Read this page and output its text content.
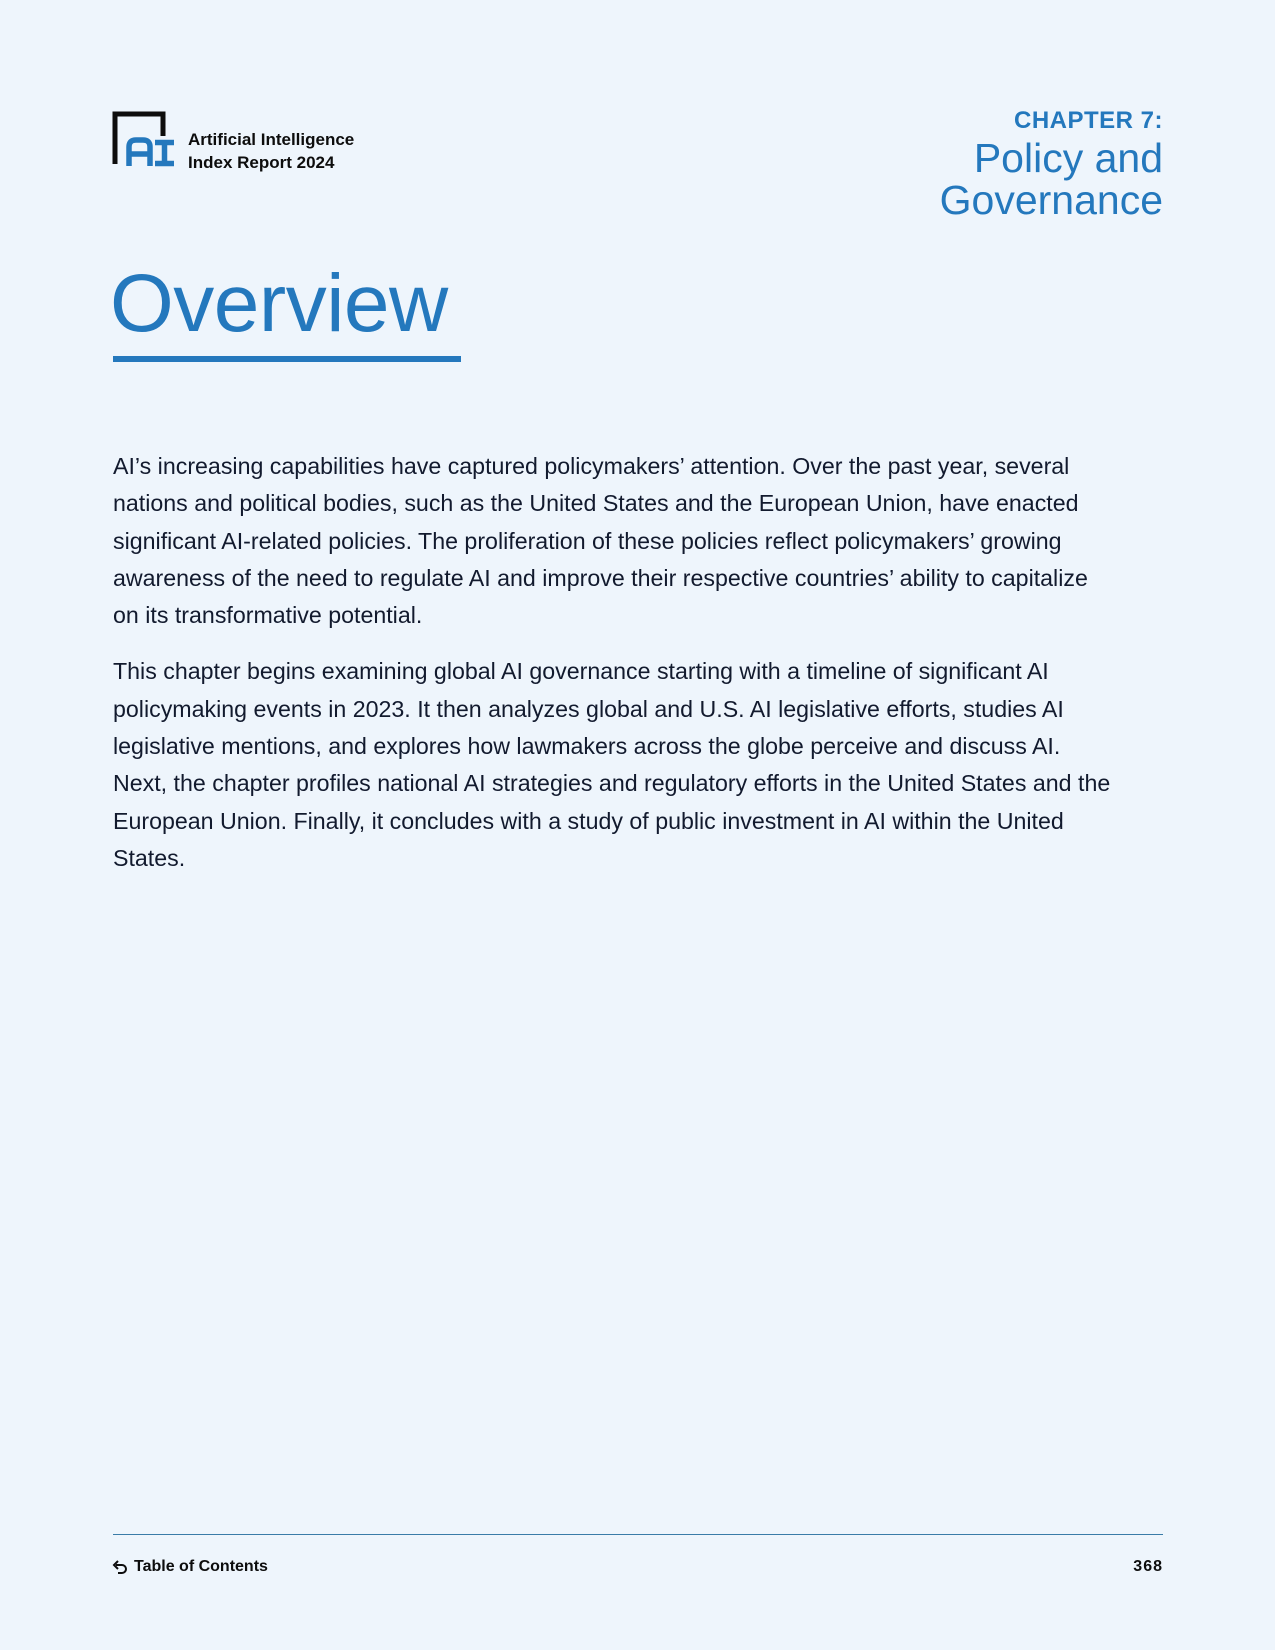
Artificial Intelligence
Index Report 2024
CHAPTER 7:
Policy and
Governance
Overview

AI’s increasing capabilities have captured policymakers’ attention. Over the past year, several nations and political bodies, such as the United States and the European Union, have enacted significant AI-related policies. The proliferation of these policies reflect policymakers’ growing awareness of the need to regulate AI and improve their respective countries’ ability to capitalize on its transformative potential.

This chapter begins examining global AI governance starting with a timeline of significant AI policymaking events in 2023. It then analyzes global and U.S. AI legislative efforts, studies AI legislative mentions, and explores how lawmakers across the globe perceive and discuss AI. Next, the chapter profiles national AI strategies and regulatory efforts in the United States and the European Union. Finally, it concludes with a study of public investment in AI within the United States.

Table of Contents	368
